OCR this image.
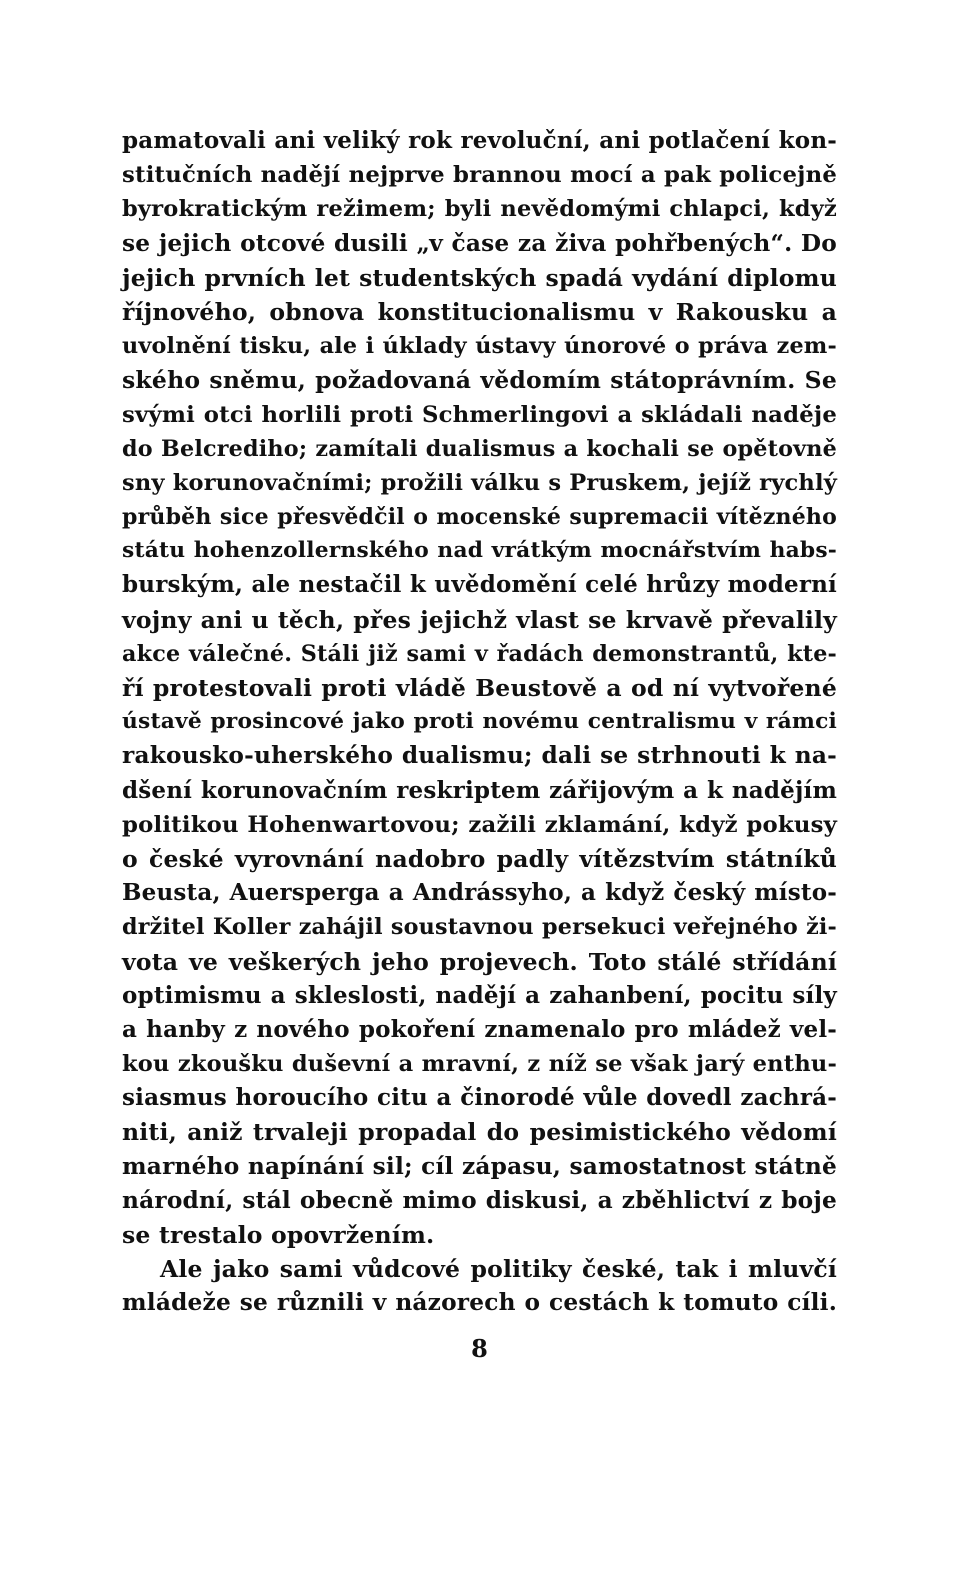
pamatovali ani veliký rok revoluční, ani potlačení kon-
stitučních nadějí nejprve brannou mocí a pak policejně
byrokratickým režimem; byli nevědomými chlapci, když
se jejich otcové dusili „v čase za živa pohřbených“. Do
jejich prvních let studentských spadá vydání diplomu
říjnového, obnova konstitucionalismu v Rakousku a
uvolnění tisku, ale i úklady ústavy únorové o práva zem-
ského sněmu, požadovaná vědomím státoprávním. Se
svými otci horlili proti Schmerlingovi a skládali naděje
do Belcrediho; zamítali dualismus a kochali se opětovně
sny korunovačními; prožili válku s Pruskem, jejíž rychlý
průběh sice přesvědčil o mocenské supremacii vítězného
státu hohenzollernského nad vrátkým mocnářstvím habs-
burským, ale nestačil k uvědomění celé hrůzy moderní
vojny ani u těch, přes jejichž vlast se krvavě převalily
akce válečné. Stáli již sami v řadách demonstrantů, kte-
ří protestovali proti vládě Beustově a od ní vytvořené
ústavě prosincové jako proti novému centralismu v rámci
rakousko-uherského dualismu; dali se strhnouti k na-
dšení korunovačním reskriptem zářijovým a k nadějím
politikou Hohenwartovou; zažili zklamání, když pokusy
o české vyrovnání nadobro padly vítězstvím státníků
Beusta, Auersperga a Andrássyho, a když český místo-
držitel Koller zahájil soustavnou persekuci veřejného ži-
vota ve veškerých jeho projevech. Toto stálé střídání
optimismu a skleslosti, nadějí a zahanbení, pocitu síly
a hanby z nového pokoření znamenalo pro mládež vel-
kou zkoušku duševní a mravní, z níž se však jarý enthu-
siasmus horoucího citu a činorodé vůle dovedl zachrá-
niti, aniž trvaleji propadal do pesimistického vědomí
marného napínání sil; cíl zápasu, samostatnost státně
národní, stál obecně mimo diskusi, a zběhlictví z boje
se trestalo opovržením.
Ale jako sami vůdcové politiky české, tak i mluvčí
mládeže se různili v názorech o cestách k tomuto cíli.
8
